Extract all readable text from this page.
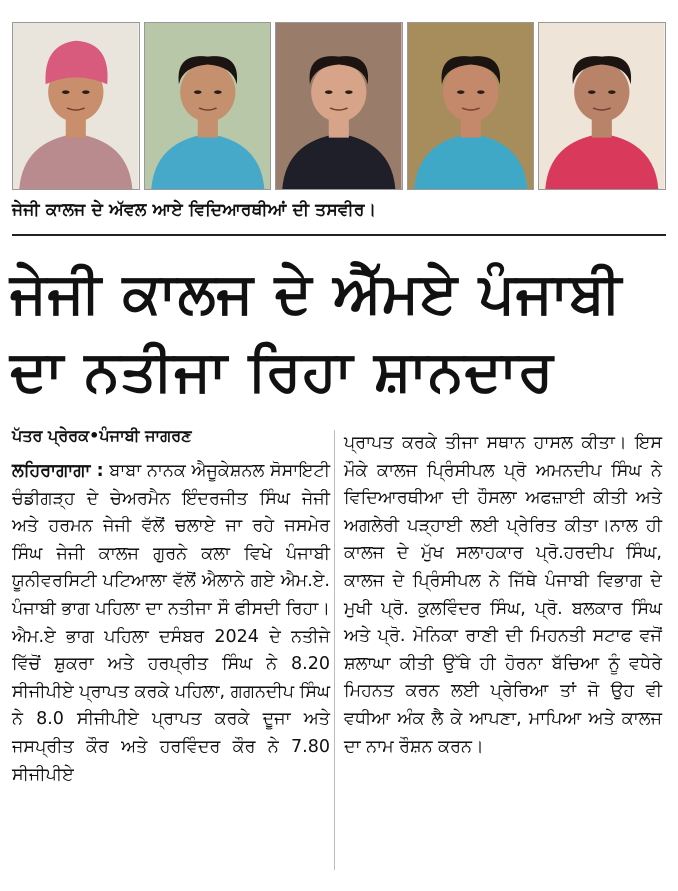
ਜੇਜੀ ਕਾਲਜ ਦੇ ਅੱਵਲ ਆਏ ਵਿਦਿਆਰਥੀਆਂ ਦੀ ਤਸਵੀਰ।
ਜੇਜੀ ਕਾਲਜ ਦੇ ਐੱਮਏ ਪੰਜਾਬੀ
ਦਾ ਨਤੀਜਾ ਰਿਹਾ ਸ਼ਾਨਦਾਰ
ਪੱਤਰ ਪ੍ਰੇਰਕ•ਪੰਜਾਬੀ ਜਾਗਰਣ
ਲਹਿਰਾਗਾਗਾ : ਬਾਬਾ ਨਾਨਕ ਐਜੂਕੇਸ਼ਨਲ ਸੋਸਾਇਟੀ ਚੰਡੀਗੜ੍ਹ ਦੇ ਚੇਅਰਮੈਨ ਇੰਦਰਜੀਤ ਸਿੰਘ ਜੇਜੀ ਅਤੇ ਹਰਮਨ ਜੇਜੀ ਵੱਲੋਂ ਚਲਾਏ ਜਾ ਰਹੇ ਜਸਮੇਰ ਸਿੰਘ ਜੇਜੀ ਕਾਲਜ ਗੁਰਨੇ ਕਲਾ ਵਿਖੇ ਪੰਜਾਬੀ ਯੂਨੀਵਰਸਿਟੀ ਪਟਿਆਲਾ ਵੱਲੋਂ ਐਲਾਨੇ ਗਏ ਐਮ.ਏ. ਪੰਜਾਬੀ ਭਾਗ ਪਹਿਲਾ ਦਾ ਨਤੀਜਾ ਸੌ ਫੀਸਦੀ ਰਿਹਾ। ਐਮ.ਏ ਭਾਗ ਪਹਿਲਾ ਦਸੰਬਰ 2024 ਦੇ ਨਤੀਜੇ ਵਿੱਚੋਂ ਸ਼ੁਕਰਾ ਅਤੇ ਹਰਪ੍ਰੀਤ ਸਿੰਘ ਨੇ 8.20 ਸੀਜੀਪੀਏ ਪ੍ਰਾਪਤ ਕਰਕੇ ਪਹਿਲਾ, ਗਗਨਦੀਪ ਸਿੰਘ ਨੇ 8.0 ਸੀਜੀਪੀਏ ਪ੍ਰਾਪਤ ਕਰਕੇ ਦੂਜਾ ਅਤੇ ਜਸਪ੍ਰੀਤ ਕੌਰ ਅਤੇ ਹਰਵਿੰਦਰ ਕੌਰ ਨੇ 7.80 ਸੀਜੀਪੀਏ
ਪ੍ਰਾਪਤ ਕਰਕੇ ਤੀਜਾ ਸਥਾਨ ਹਾਸਲ ਕੀਤਾ। ਇਸ ਮੌਕੇ ਕਾਲਜ ਪ੍ਰਿੰਸੀਪਲ ਪ੍ਰੋ ਅਮਨਦੀਪ ਸਿੰਘ ਨੇ ਵਿਦਿਆਰਥੀਆ ਦੀ ਹੌਸਲਾ ਅਫਜ਼ਾਈ ਕੀਤੀ ਅਤੇ ਅਗਲੇਰੀ ਪੜ੍ਹਾਈ ਲਈ ਪ੍ਰੇਰਿਤ ਕੀਤਾ।ਨਾਲ ਹੀ ਕਾਲਜ ਦੇ ਮੁੱਖ ਸਲਾਹਕਾਰ ਪ੍ਰੋ.ਹਰਦੀਪ ਸਿੰਘ, ਕਾਲਜ ਦੇ ਪ੍ਰਿੰਸੀਪਲ ਨੇ ਜਿੱਥੇ ਪੰਜਾਬੀ ਵਿਭਾਗ ਦੇ ਮੁਖੀ ਪ੍ਰੋ. ਕੁਲਵਿੰਦਰ ਸਿੰਘ, ਪ੍ਰੋ. ਬਲਕਾਰ ਸਿੰਘ ਅਤੇ ਪ੍ਰੋ. ਮੋਨਿਕਾ ਰਾਣੀ ਦੀ ਮਿਹਨਤੀ ਸਟਾਫ ਵਜੋਂ ਸ਼ਲਾਘਾ ਕੀਤੀ ਉੱਥੇ ਹੀ ਹੋਰਨਾ ਬੱਚਿਆ ਨੂੰ ਵਧੇਰੇ ਮਿਹਨਤ ਕਰਨ ਲਈ ਪ੍ਰੇਰਿਆ ਤਾਂ ਜੋ ਉਹ ਵੀ ਵਧੀਆ ਅੰਕ ਲੈ ਕੇ ਆਪਣਾ, ਮਾਪਿਆ ਅਤੇ ਕਾਲਜ ਦਾ ਨਾਮ ਰੌਸ਼ਨ ਕਰਨ।
